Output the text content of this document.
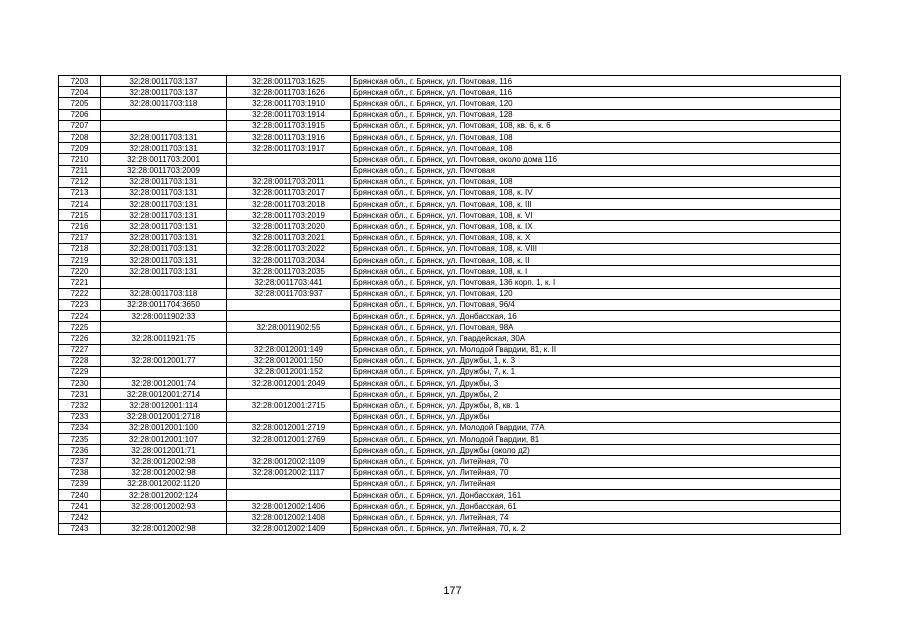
7203	32:28:0011703:137	32:28:0011703:1625	Брянская обл., г. Брянск, ул. Почтовая, 116
7204	32:28:0011703:137	32:28:0011703:1626	Брянская обл., г. Брянск, ул. Почтовая, 116
7205	32:28:0011703:118	32:28:0011703:1910	Брянская обл., г. Брянск, ул. Почтовая, 120
7206		32:28:0011703:1914	Брянская обл., г. Брянск, ул. Почтовая, 128
7207		32:28:0011703:1915	Брянская обл., г. Брянск, ул. Почтовая, 108, кв. 6, к. 6
7208	32:28:0011703:131	32:28:0011703:1916	Брянская обл., г. Брянск, ул. Почтовая, 108
7209	32:28:0011703:131	32:28:0011703:1917	Брянская обл., г. Брянск, ул. Почтовая, 108
7210	32:28:0011703:2001		Брянская обл., г. Брянск, ул. Почтовая, около дома 116
7211	32:28:0011703:2009		Брянская обл., г. Брянск, ул. Почтовая
7212	32:28:0011703:131	32:28:0011703:2011	Брянская обл., г. Брянск, ул. Почтовая, 108
7213	32:28:0011703:131	32:28:0011703:2017	Брянская обл., г. Брянск, ул. Почтовая, 108, к. IV
7214	32:28:0011703:131	32:28:0011703:2018	Брянская обл., г. Брянск, ул. Почтовая, 108, к. III
7215	32:28:0011703:131	32:28:0011703:2019	Брянская обл., г. Брянск, ул. Почтовая, 108, к. VI
7216	32:28:0011703:131	32:28:0011703:2020	Брянская обл., г. Брянск, ул. Почтовая, 108, к. IX
7217	32:28:0011703:131	32:28:0011703:2021	Брянская обл., г. Брянск, ул. Почтовая, 108, к. X
7218	32:28:0011703:131	32:28:0011703:2022	Брянская обл., г. Брянск, ул. Почтовая, 108, к. VIII
7219	32:28:0011703:131	32:28:0011703:2034	Брянская обл., г. Брянск, ул. Почтовая, 108, к. II
7220	32:28:0011703:131	32:28:0011703:2035	Брянская обл., г. Брянск, ул. Почтовая, 108, к. I
7221		32:28:0011703:441	Брянская обл., г. Брянск, ул. Почтовая, 136 корп. 1, к. I
7222	32:28:0011703:118	32:28:0011703:937	Брянская обл., г. Брянск, ул. Почтовая, 120
7223	32:28:0011704:3650		Брянская обл., г. Брянск, ул. Почтовая, 96/4
7224	32:28:0011902:33		Брянская обл., г. Брянск, ул. Донбасская, 16
7225		32:28:0011902:55	Брянская обл., г. Брянск, ул. Почтовая, 98А
7226	32:28:0011921:75		Брянская обл., г. Брянск, ул. Гвардейская, 30А
7227		32:28:0012001:149	Брянская обл., г. Брянск, ул. Молодой Гвардии, 81, к. II
7228	32:28:0012001:77	32:28:0012001:150	Брянская обл., г. Брянск, ул. Дружбы, 1, к. 3
7229		32:28:0012001:152	Брянская обл., г. Брянск, ул. Дружбы, 7, к. 1
7230	32:28:0012001:74	32:28:0012001:2049	Брянская обл., г. Брянск, ул. Дружбы, 3
7231	32:28:0012001:2714		Брянская обл., г. Брянск, ул. Дружбы, 2
7232	32:28:0012001:114	32:28:0012001:2715	Брянская обл., г. Брянск, ул. Дружбы, 8, кв. 1
7233	32:28:0012001:2718		Брянская обл., г. Брянск, ул. Дружбы
7234	32:28:0012001:100	32:28:0012001:2719	Брянская обл., г. Брянск, ул. Молодой Гвардии, 77А
7235	32:28:0012001:107	32:28:0012001:2769	Брянская обл., г. Брянск, ул. Молодой Гвардии, 81
7236	32:28:0012001:71		Брянская обл., г. Брянск, ул. Дружбы (около д2)
7237	32:28:0012002:98	32:28:0012002:1109	Брянская обл., г. Брянск, ул. Литейная, 70
7238	32:28:0012002:98	32:28:0012002:1117	Брянская обл., г. Брянск, ул. Литейная, 70
7239	32:28:0012002:1120		Брянская обл., г. Брянск, ул. Литейная
7240	32:28:0012002:124		Брянская обл., г. Брянск, ул. Донбасская, 161
7241	32:28:0012002:93	32:28:0012002:1406	Брянская обл., г. Брянск, ул. Донбасская, 61
7242		32:28:0012002:1408	Брянская обл., г. Брянск, ул. Литейная, 74
7243	32:28:0012002:98	32:28:0012002:1409	Брянская обл., г. Брянск, ул. Литейная, 70, к. 2
177
